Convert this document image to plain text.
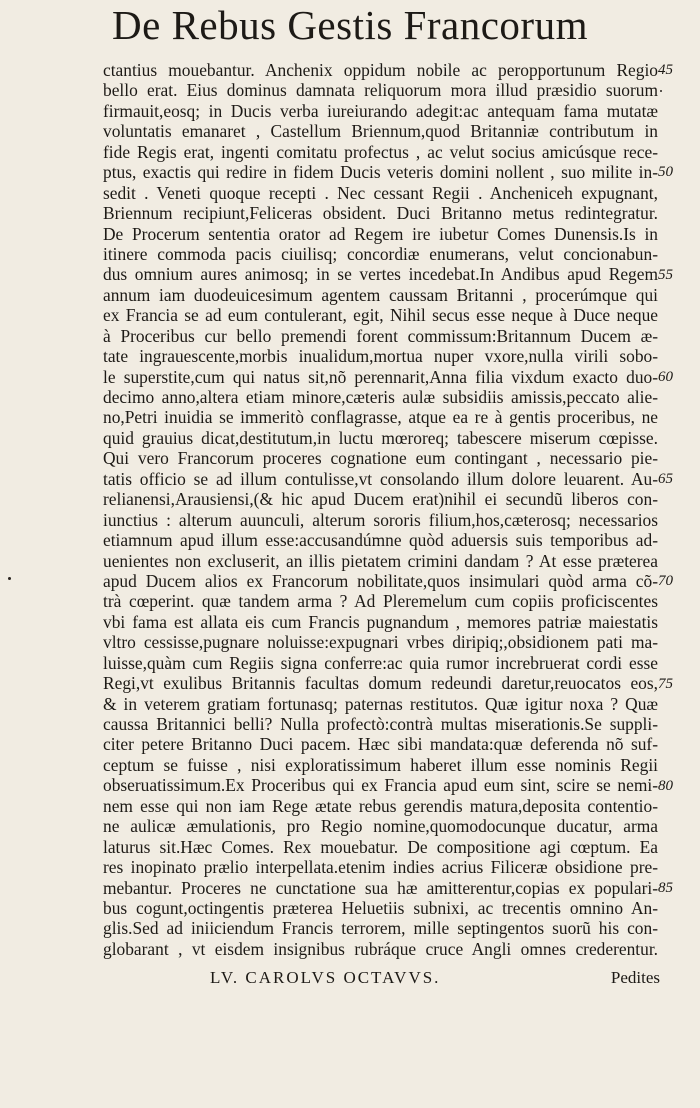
De Rebus Gestis Francorum
ctantius mouebantur. Anchenix oppidum nobile ac peropportunum Regio
bello erat. Eius dominus damnata reliquorum mora illud præsidio suorum
firmauit,eosq; in Ducis verba iureiurando adegit:ac antequam fama mutatæ
voluntatis emanaret , Castellum Briennum,quod Britanniæ contributum in
fide Regis erat, ingenti comitatu profectus , ac velut socius amicúsque rece-
ptus, exactis qui redire in fidem Ducis veteris domini nollent , suo milite in-
sedit . Veneti quoque recepti . Nec cessant Regii . Ancheniceh expugnant,
Briennum recipiunt,Feliceras obsident. Duci Britanno metus redintegratur.
De Procerum sententia orator ad Regem ire iubetur Comes Dunensis.Is in
itinere commoda pacis ciuilisq; concordiæ enumerans, velut concionabun-
dus omnium aures animosq; in se vertes incedebat.In Andibus apud Regem
annum iam duodeuicesimum agentem caussam Britanni , procerúmque qui
ex Francia se ad eum contulerant, egit, Nihil secus esse neque à Duce neque
à Proceribus cur bello premendi forent commissum:Britannum Ducem æ-
tate ingrauescente,morbis inualidum,mortua nuper vxore,nulla virili sobo-
le superstite,cum qui natus sit,nõ perennarit,Anna filia vixdum exacto duo-
decimo anno,altera etiam minore,cæteris aulæ subsidiis amissis,peccato alie-
no,Petri inuidia se immeritò conflagrasse, atque ea re à gentis proceribus, ne
quid grauius dicat,destitutum,in luctu mœroreq; tabescere miserum cœpisse.
Qui vero Francorum proceres cognatione eum contingant , necessario pie-
tatis officio se ad illum contulisse,vt consolando illum dolore leuarent. Au-
relianensi,Arausiensi,(& hic apud Ducem erat)nihil ei secundũ liberos con-
iunctius : alterum auunculi, alterum sororis filium,hos,cæterosq; necessarios
etiamnum apud illum esse:accusandúmne quòd aduersis suis temporibus ad-
uenientes non excluserit, an illis pietatem crimini dandam ? At esse præterea
apud Ducem alios ex Francorum nobilitate,quos insimulari quòd arma cõ-
trà cœperint. quæ tandem arma ? Ad Pleremelum cum copiis proficiscentes
vbi fama est allata eis cum Francis pugnandum , memores patriæ maiestatis
vltro cessisse,pugnare noluisse:expugnari vrbes diripiq;,obsidionem pati ma-
luisse,quàm cum Regiis signa conferre:ac quia rumor increbruerat cordi esse
Regi,vt exulibus Britannis facultas domum redeundi daretur,reuocatos eos,
& in veterem gratiam fortunasq; paternas restitutos. Quæ igitur noxa ? Quæ
caussa Britannici belli? Nulla profectò:contrà multas miserationis.Se suppli-
citer petere Britanno Duci pacem. Hæc sibi mandata:quæ deferenda nõ suf-
ceptum se fuisse , nisi exploratissimum haberet illum esse nominis Regii
obseruatissimum.Ex Proceribus qui ex Francia apud eum sint, scire se nemi-
nem esse qui non iam Rege ætate rebus gerendis matura,deposita contentio-
ne aulicæ æmulationis, pro Regio nomine,quomodocunque ducatur, arma
laturus sit.Hæc Comes. Rex mouebatur. De compositione agi cœptum. Ea
res inopinato prælio interpellata.etenim indies acrius Filiceræ obsidione pre-
mebantur. Proceres ne cunctatione sua hæ amitterentur,copias ex populari-
bus cogunt,octingentis præterea Heluetiis subnixi, ac trecentis omnino An-
glis.Sed ad iniiciendum Francis terrorem, mille septingentos suorũ his con-
globarant , vt eisdem insignibus rubráque cruce Angli omnes crederentur.
45
50
55
60
65
70
75
80
85
LV. CAROLVS OCTAVVS.	Pedites
